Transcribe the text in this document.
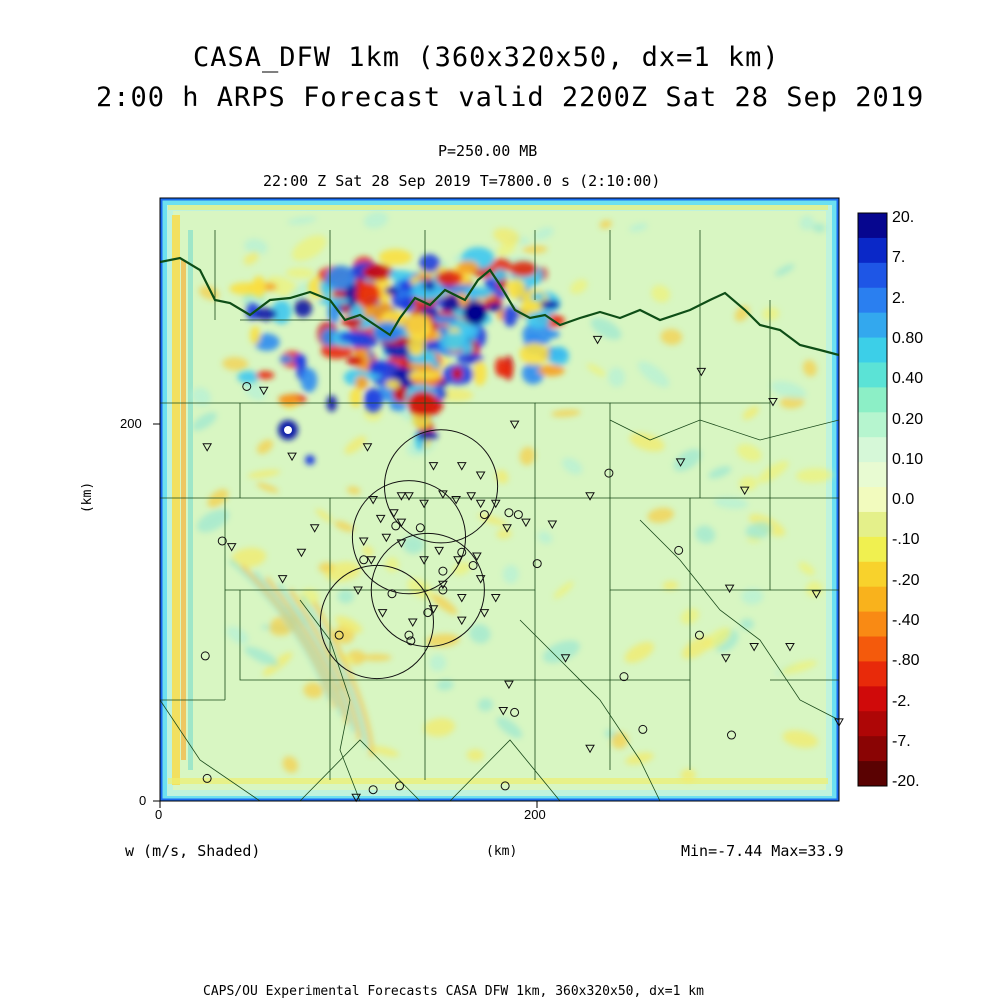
CASA_DFW 1km (360x320x50, dx=1 km)
2:00 h ARPS Forecast valid 2200Z Sat 28 Sep 2019
P=250.00 MB
22:00 Z Sat 28 Sep 2019 T=7800.0 s (2:10:00)
0	200
0
200
(km)
(km)
w (m/s, Shaded)	Min=-7.44 Max=33.9
CAPS/OU Experimental Forecasts CASA DFW 1km, 360x320x50, dx=1 km
20.
7.
2.
0.80
0.40
0.20
0.10
0.0
-.10
-.20
-.40
-.80
-2.
-7.
-20.
